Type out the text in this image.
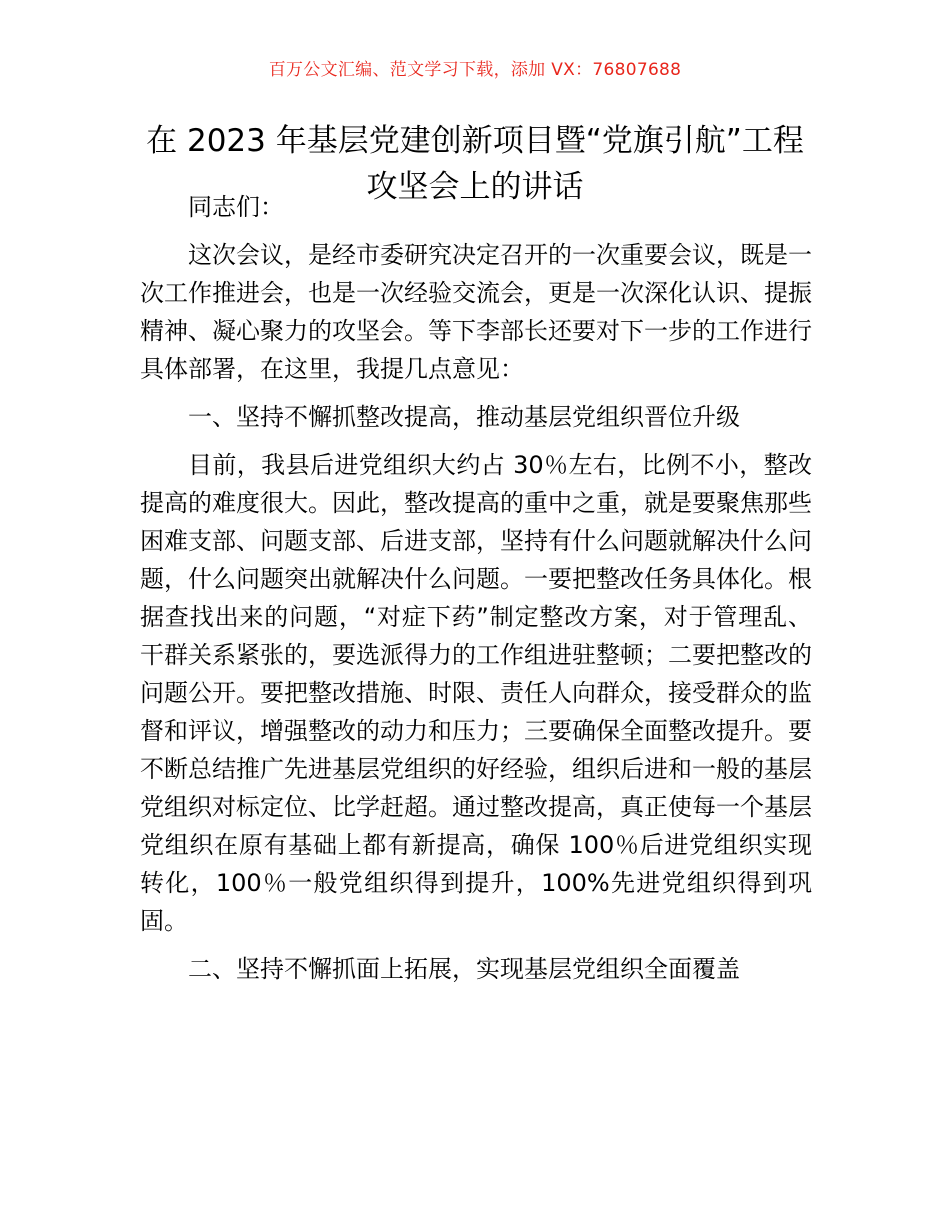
百万公文汇编、范文学习下载，添加 VX：76807688
在 2023 年基层党建创新项目暨“党旗引航”工程攻坚会上的讲话

同志们：

这次会议，是经市委研究决定召开的一次重要会议，既是一次工作推进会，也是一次经验交流会，更是一次深化认识、提振精神、凝心聚力的攻坚会。等下李部长还要对下一步的工作进行具体部署，在这里，我提几点意见：

一、坚持不懈抓整改提高，推动基层党组织晋位升级

目前，我县后进党组织大约占 30％左右，比例不小，整改提高的难度很大。因此，整改提高的重中之重，就是要聚焦那些困难支部、问题支部、后进支部，坚持有什么问题就解决什么问题，什么问题突出就解决什么问题。一要把整改任务具体化。根据查找出来的问题，“对症下药”制定整改方案，对于管理乱、干群关系紧张的，要选派得力的工作组进驻整顿；二要把整改的问题公开。要把整改措施、时限、责任人向群众，接受群众的监督和评议，增强整改的动力和压力；三要确保全面整改提升。要不断总结推广先进基层党组织的好经验，组织后进和一般的基层党组织对标定位、比学赶超。通过整改提高，真正使每一个基层党组织在原有基础上都有新提高，确保 100％后进党组织实现转化，100％一般党组织得到提升，100%先进党组织得到巩固。

二、坚持不懈抓面上拓展，实现基层党组织全面覆盖
